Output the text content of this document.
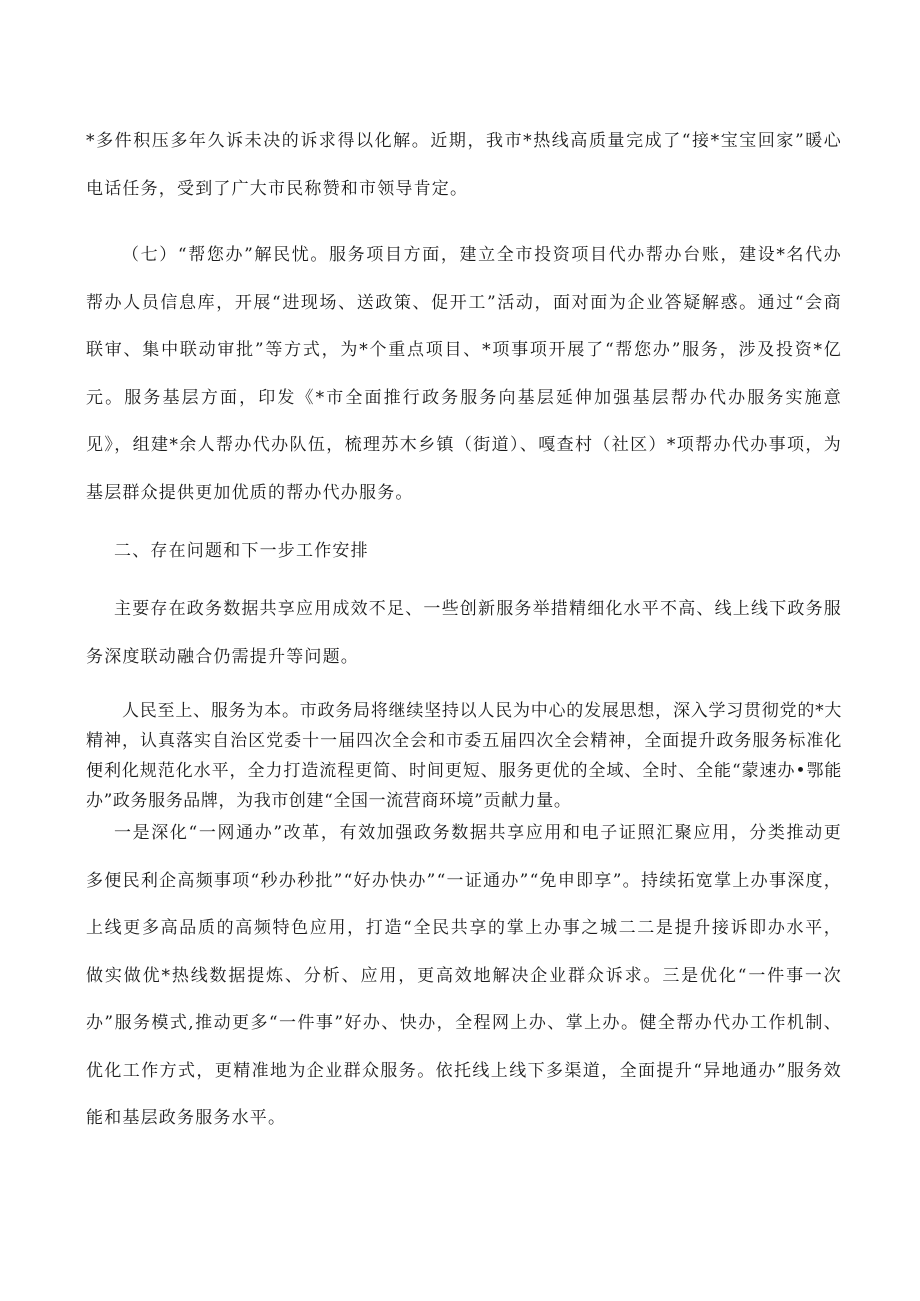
*多件积压多年久诉未决的诉求得以化解。近期，我市*热线高质量完成了“接*宝宝回家”暖心电话任务，受到了广大市民称赞和市领导肯定。

（七）“帮您办”解民忧。服务项目方面，建立全市投资项目代办帮办台账，建设*名代办帮办人员信息库，开展“进现场、送政策、促开工”活动，面对面为企业答疑解惑。通过“会商联审、集中联动审批”等方式，为*个重点项目、*项事项开展了“帮您办”服务，涉及投资*亿元。服务基层方面，印发《*市全面推行政务服务向基层延伸加强基层帮办代办服务实施意见》，组建*余人帮办代办队伍，梳理苏木乡镇（街道）、嘎查村（社区）*项帮办代办事项，为基层群众提供更加优质的帮办代办服务。

二、存在问题和下一步工作安排

主要存在政务数据共享应用成效不足、一些创新服务举措精细化水平不高、线上线下政务服务深度联动融合仍需提升等问题。

人民至上、服务为本。市政务局将继续坚持以人民为中心的发展思想，深入学习贯彻党的*大精神，认真落实自治区党委十一届四次全会和市委五届四次全会精神，全面提升政务服务标准化便利化规范化水平，全力打造流程更简、时间更短、服务更优的全域、全时、全能“蒙速办•鄂能办”政务服务品牌，为我市创建“全国一流营商环境”贡献力量。

一是深化“一网通办”改革，有效加强政务数据共享应用和电子证照汇聚应用，分类推动更多便民利企高频事项“秒办秒批”“好办快办”“一证通办”“免申即享”。持续拓宽掌上办事深度，上线更多高品质的高频特色应用，打造“全民共享的掌上办事之城二二是提升接诉即办水平，做实做优*热线数据提炼、分析、应用，更高效地解决企业群众诉求。三是优化“一件事一次办”服务模式,推动更多“一件事”好办、快办，全程网上办、掌上办。健全帮办代办工作机制、优化工作方式，更精准地为企业群众服务。依托线上线下多渠道，全面提升“异地通办”服务效能和基层政务服务水平。
